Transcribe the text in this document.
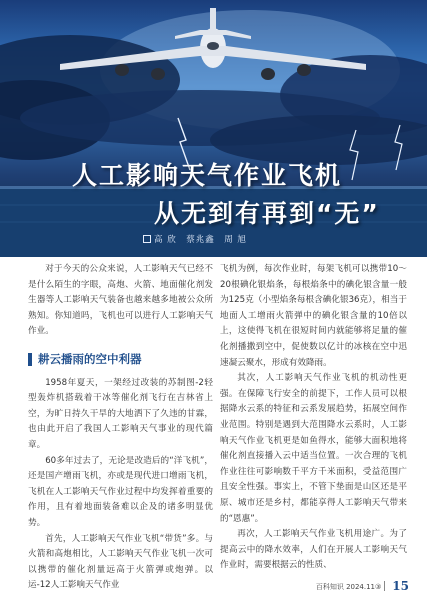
人工影响天气作业飞机
从无到有再到“无”
高 欣　蔡兆鑫　周 旭

对于今天的公众来说，人工影响天气已经不是什么陌生的字眼，高炮、火箭、地面催化剂发生器等人工影响天气装备也越来越多地被公众所熟知。你知道吗，飞机也可以进行人工影响天气作业。

耕云播雨的空中利器

1958年夏天，一架经过改装的苏制图-2轻型轰炸机搭载着干冰等催化剂飞行在吉林省上空，为旷日持久干旱的大地洒下了久违的甘霖，也由此开启了我国人工影响天气事业的现代篇章。

60多年过去了，无论是改造后的“洋飞机”，还是国产增雨飞机，亦或是现代进口增雨飞机，飞机在人工影响天气作业过程中均发挥着重要的作用，且有着地面装备难以企及的诸多明显优势。

首先，人工影响天气作业飞机“带货”多。与火箭和高炮相比，人工影响天气作业飞机一次可以携带的催化剂量远高于火箭弹或炮弹。以运-12人工影响天气作业

飞机为例，每次作业时，每架飞机可以携带10～20根碘化银焰条，每根焰条中的碘化银含量一般为125克（小型焰条每根含碘化银36克），相当于地面人工增雨火箭弹中的碘化银含量的10倍以上，这使得飞机在很短时间内就能够将足量的催化剂播撒到空中，促使数以亿计的冰核在空中迅速凝云聚水，形成有效降雨。

其次，人工影响天气作业飞机的机动性更强。在保障飞行安全的前提下，工作人员可以根据降水云系的特征和云系发展趋势，拓展空间作业范围。特别是遇到大范围降水云系时，人工影响天气作业飞机更是如鱼得水，能够大面积地将催化剂直接播入云中适当位置。一次合理的飞机作业往往可影响数千平方千米面积，受益范围广且安全性强。事实上，不管下垫面是山区还是平原、城市还是乡村，都能享得人工影响天气带来的“恩惠”。

再次，人工影响天气作业飞机用途广。为了提高云中的降水效率，人们在开展人工影响天气作业时，需要根据云的性质、

百科知识 2024.11③ 15
